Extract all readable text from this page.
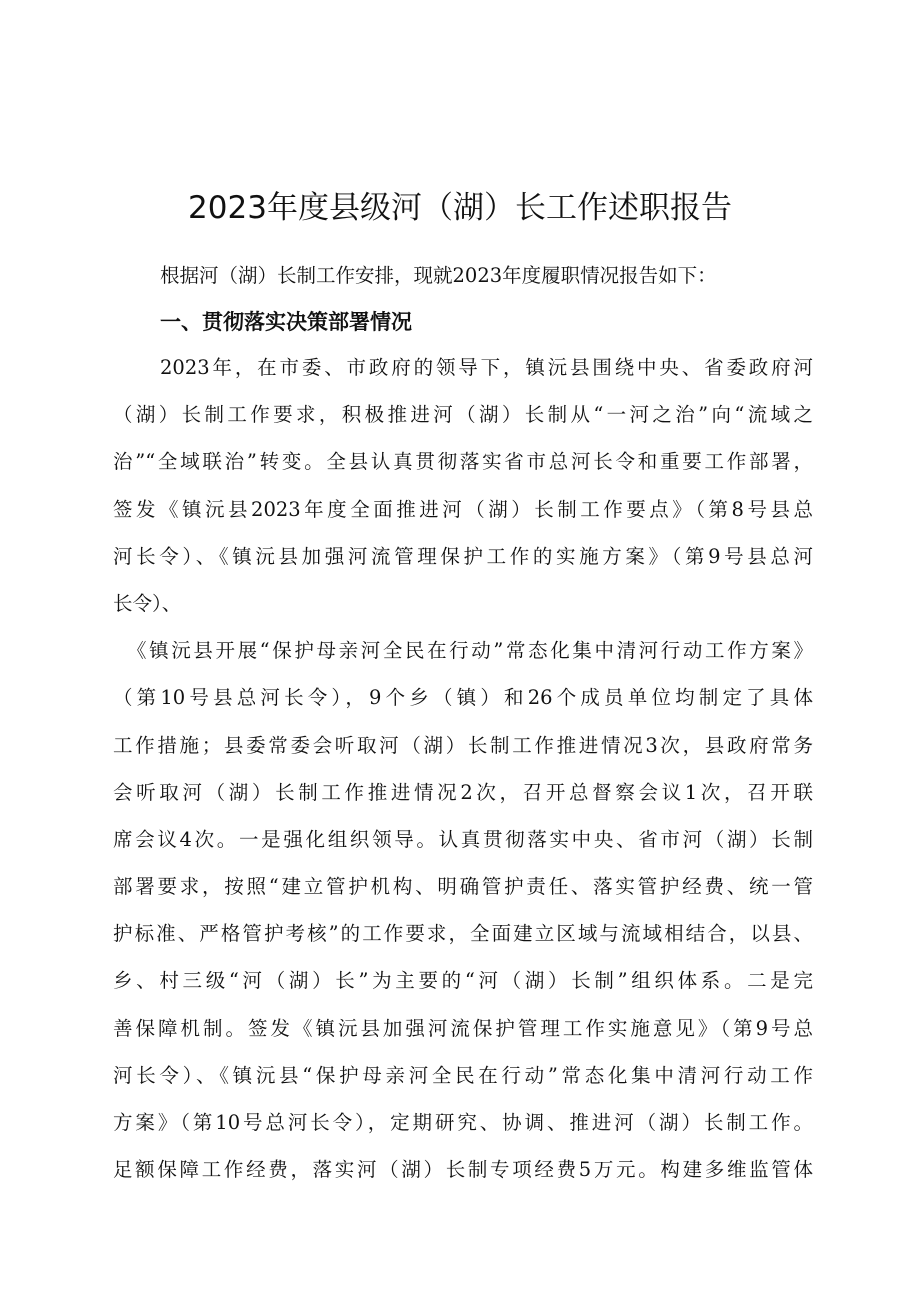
2023年度县级河（湖）长工作述职报告
根据河（湖）长制工作安排，现就2023年度履职情况报告如下：
一、贯彻落实决策部署情况
2023年，在市委、市政府的领导下，镇沅县围绕中央、省委政府河
（湖）长制工作要求，积极推进河（湖）长制从“一河之治”向“流域之
治”“全域联治”转变。全县认真贯彻落实省市总河长令和重要工作部署，
签发《镇沅县2023年度全面推进河（湖）长制工作要点》（第8号县总
河长令）、《镇沅县加强河流管理保护工作的实施方案》（第9号县总河
长令）、
《镇沅县开展“保护母亲河全民在行动”常态化集中清河行动工作方案》
（第10号县总河长令），9个乡（镇）和26个成员单位均制定了具体
工作措施；县委常委会听取河（湖）长制工作推进情况3次，县政府常务
会听取河（湖）长制工作推进情况2次，召开总督察会议1次，召开联
席会议4次。一是强化组织领导。认真贯彻落实中央、省市河（湖）长制
部署要求，按照“建立管护机构、明确管护责任、落实管护经费、统一管
护标准、严格管护考核”的工作要求，全面建立区域与流域相结合，以县、
乡、村三级“河（湖）长”为主要的“河（湖）长制”组织体系。二是完
善保障机制。签发《镇沅县加强河流保护管理工作实施意见》（第9号总
河长令）、《镇沅县“保护母亲河全民在行动”常态化集中清河行动工作
方案》（第10号总河长令），定期研究、协调、推进河（湖）长制工作。
足额保障工作经费，落实河（湖）长制专项经费5万元。构建多维监管体
